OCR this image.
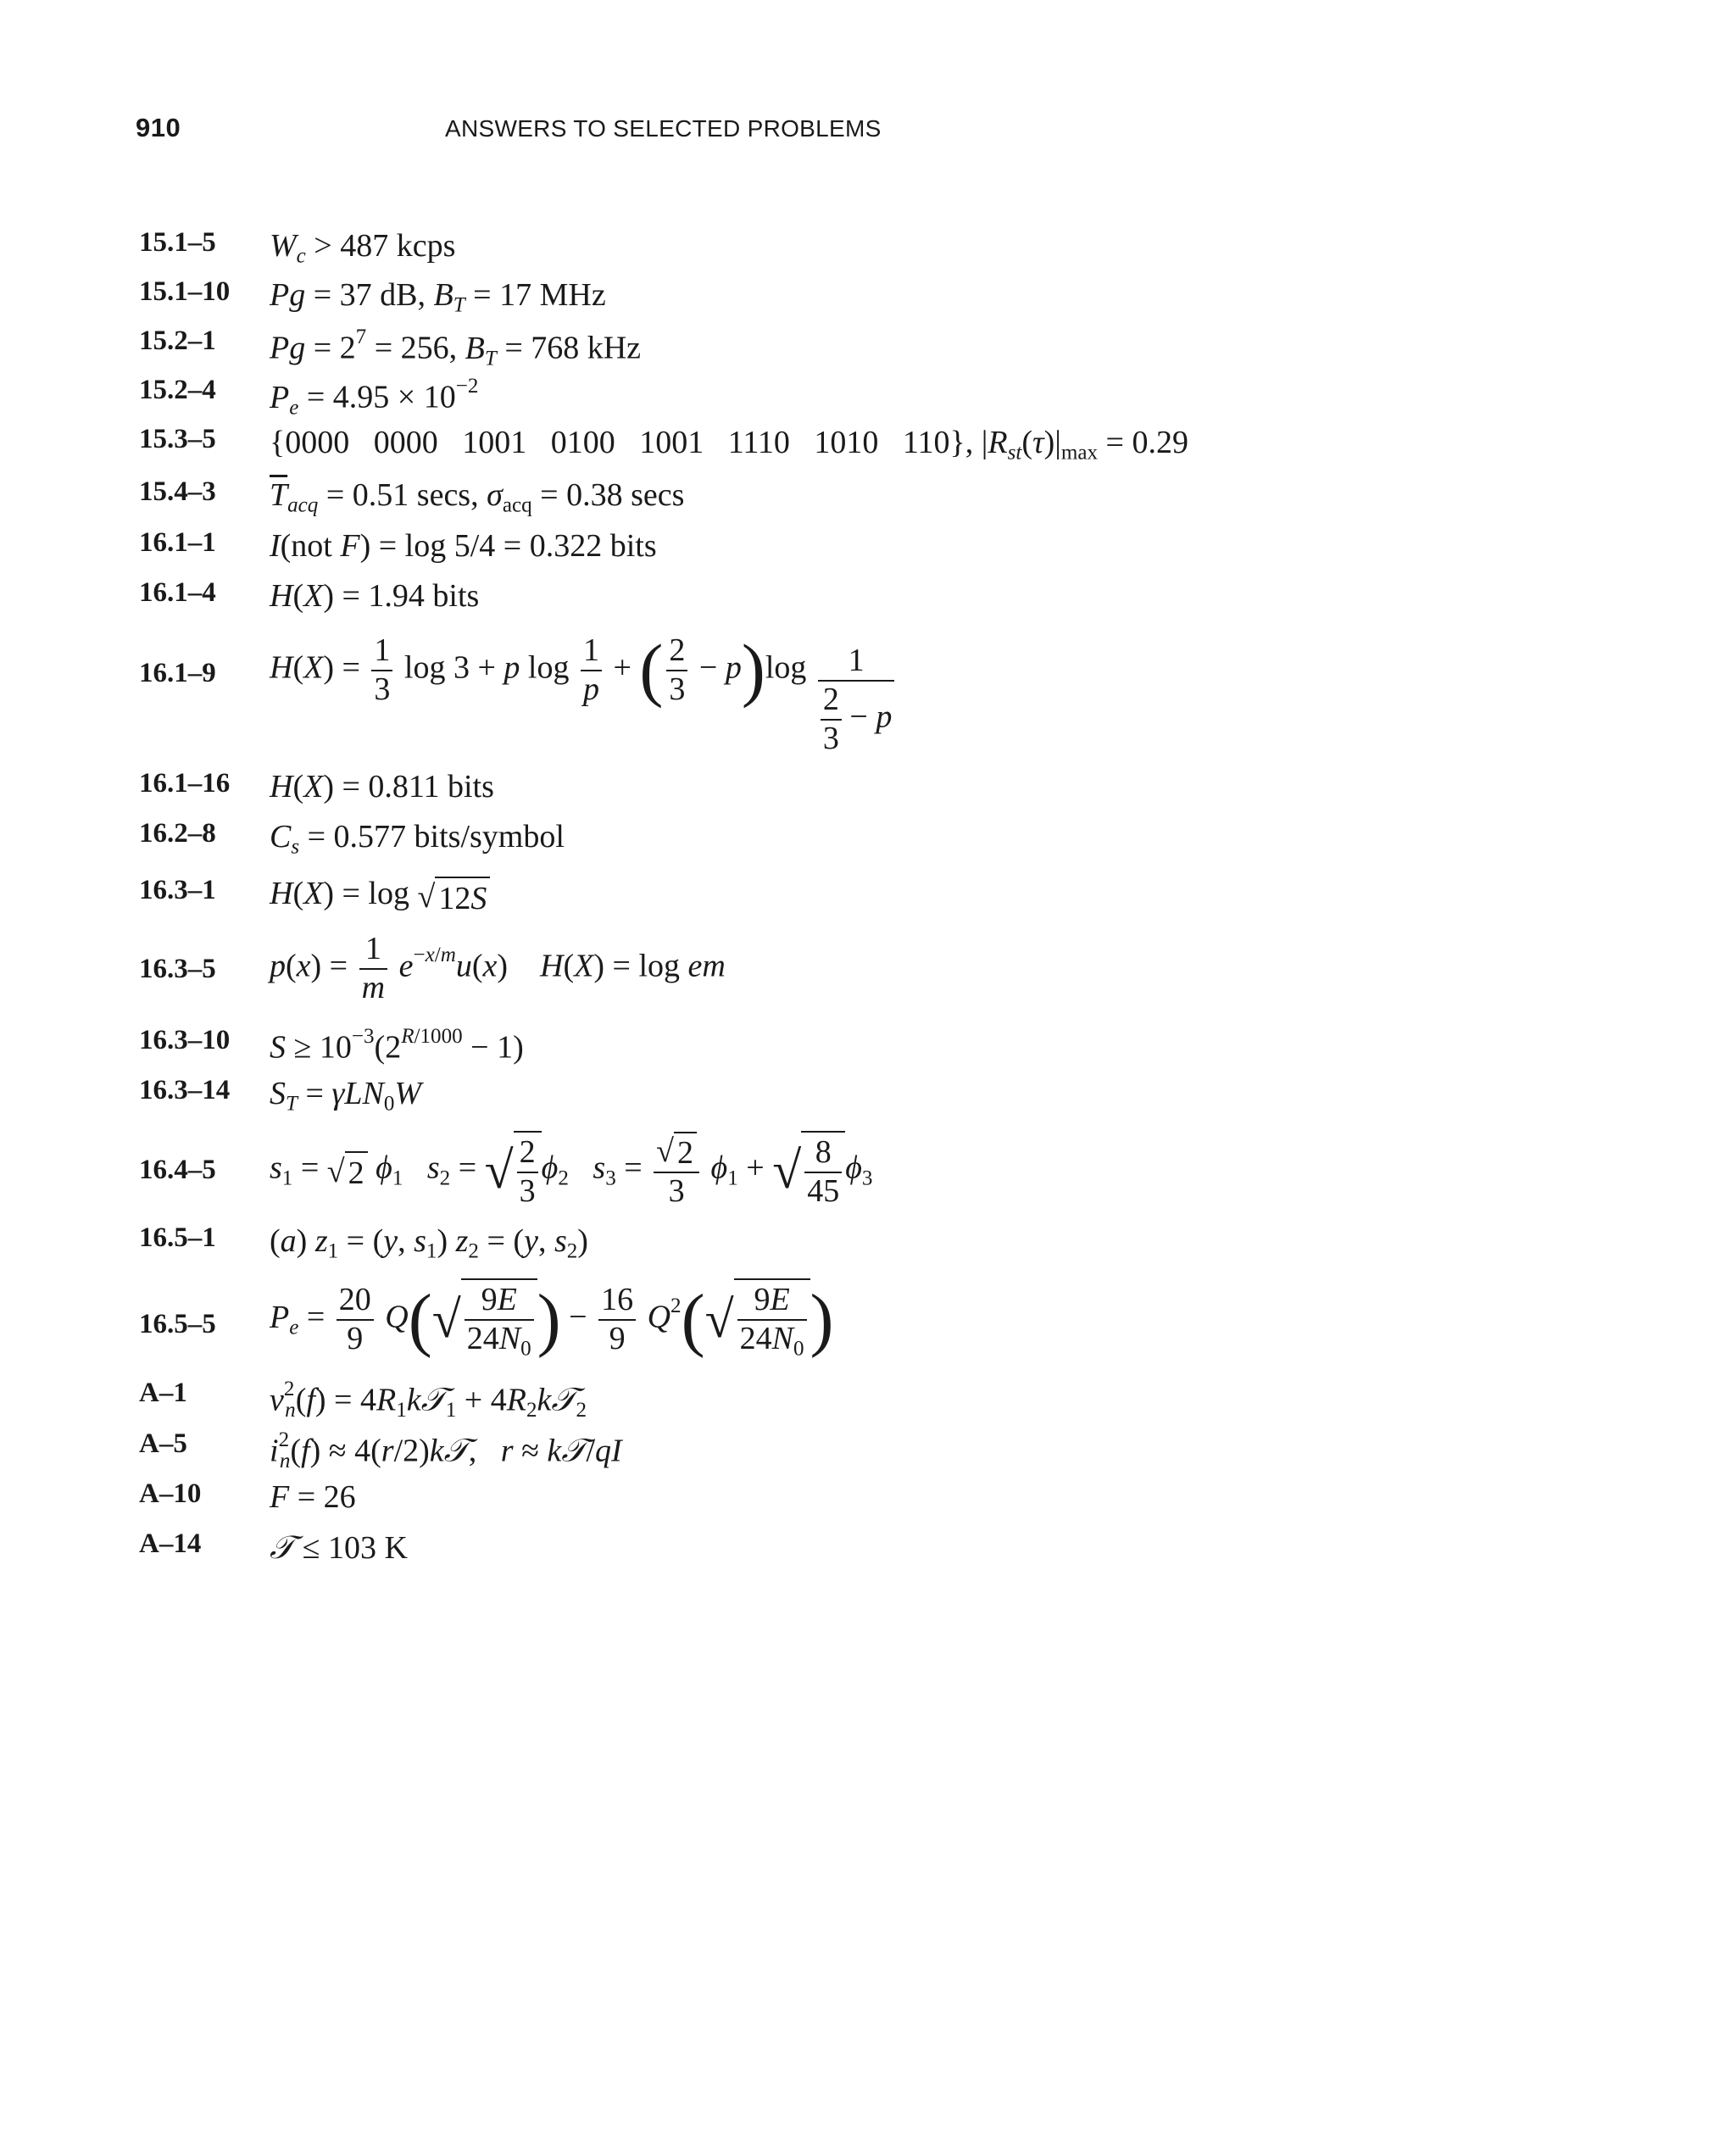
910	ANSWERS TO SELECTED PROBLEMS
15.1–5 $W_c > 487$ kcps
15.1–10 Pg = 37 dB, $B_T = 17$ MHz
15.2–1 $Pg = 2^7 = 256$, $B_T = 768$ kHz
15.2–4 $P_e = 4.95 \times 10^{-2}$
15.3–5 {0000   0000   1001   0100   1001   1110   1010   110}, $|R_{st}(\tau)|_{max} = 0.29$
15.4–3 $\overline{T}_{acq} = 0.51$ secs, $\sigma_{acq} = 0.38$ secs
16.1–1 I(not F) = log 5/4 = 0.322 bits
16.1–4 H(X) = 1.94 bits
16.1–9 $H(X) = \frac{1}{3}$ log 3 + p $\log \frac{1}{p}$ + ( $\frac{2}{3} - p)\log \frac{1}{\frac{2}{3} - p}$
16.1–16 H(X) = 0.811 bits
16.2–8 $C_s = 0.577$ bits/symbol
16.3–1 H(X) = log √ 12S
16.3–5 $p(x) = \frac{1}{m} e^{-x/m}u(x)$    H(X) = log em
16.3–10 $S \ge 10^{-3}(2^{R/1000} - 1)$
16.3–14 $S_T = \gamma LN_0W$
16.4–5 $s_1$ = √ 2 $\phi_1$ $s_2$ = √ $\frac{2}{3} \phi_2$ $s_3 = \frac{√ 2}{3} \phi_1$ + √ $\frac{8}{45} \phi_3$
16.5–1 (a) $z_1 = (y$, $s_1$) $z_2 = (y$, $s_2$)
16.5–5 $P_e = \frac{20}{9} Q(√ \frac{9E}{24N_0}$ ) − $\frac{16}{9} Q^2(√ \frac{9E}{24N_0}$ )
A–1	$v^2_n(f)$ = $4R_1k𝒯_1$ + $4R_2k𝒯_2$
A–5	$i^2_n(f)$ ≈ 4(r/2)k𝒯,   r ≈ k𝒯/qI
A–10 F = 26
A–14 𝒯 ≤ 103 K
